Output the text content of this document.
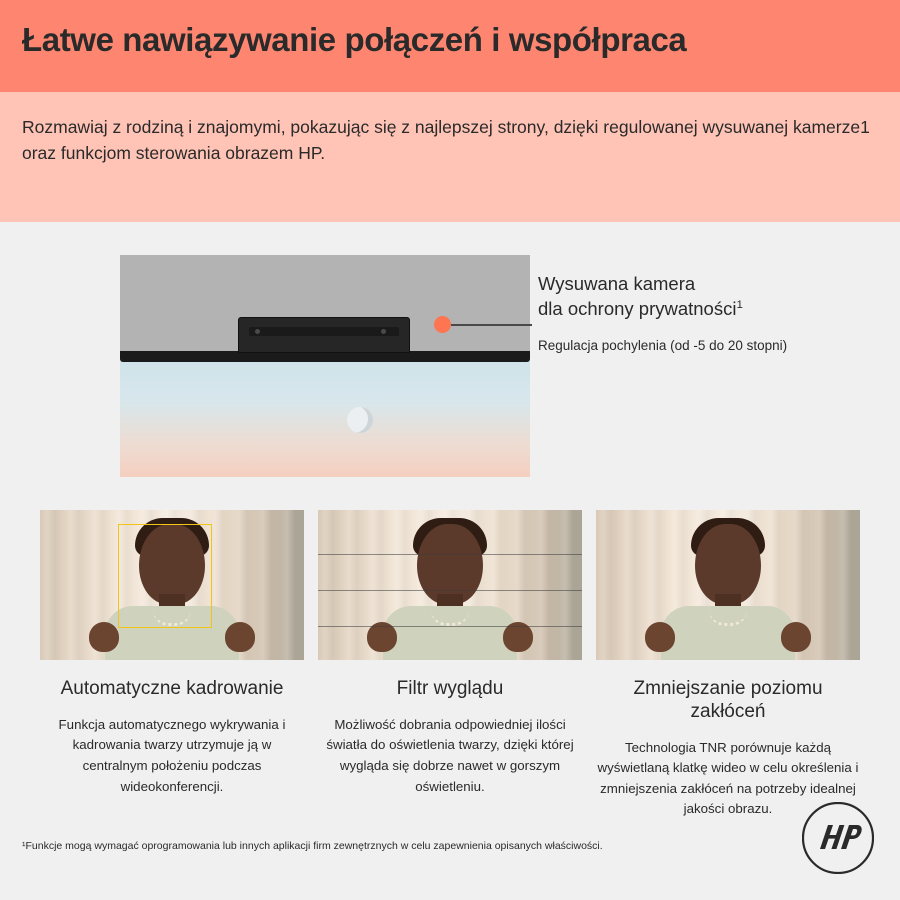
Łatwe nawiązywanie połączeń i współpraca

Rozmawiaj z rodziną i znajomymi, pokazując się z najlepszej strony, dzięki regulowanej wysuwanej kamerze1 oraz funkcjom sterowania obrazem HP.

Wysuwana kamera
dla ochrony prywatności$^1$
Regulacja pochylenia (od -5 do 20 stopni)
Automatyczne kadrowanie
Funkcja automatycznego wykrywania i kadrowania twarzy utrzymuje ją w centralnym położeniu podczas wideokonferencji.
Filtr wyglądu
Możliwość dobrania odpowiedniej ilości światła do oświetlenia twarzy, dzięki której wygląda się dobrze nawet w gorszym oświetleniu.
Zmniejszanie poziomu zakłóceń
Technologia TNR porównuje każdą wyświetlaną klatkę wideo w celu określenia i zmniejszenia zakłóceń na potrzeby idealnej jakości obrazu.
¹Funkcje mogą wymagać oprogramowania lub innych aplikacji firm zewnętrznych w celu zapewnienia opisanych właściwości.
